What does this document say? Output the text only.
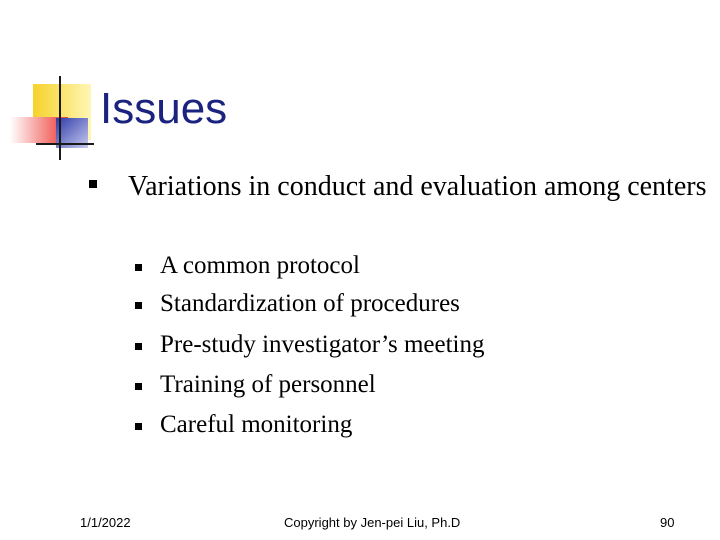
Issues
Variations in conduct and evaluation among centers
A common protocol
Standardization of procedures
Pre-study investigator’s meeting
Training of personnel
Careful monitoring
1/1/2022	Copyright by Jen-pei Liu, Ph.D	90
